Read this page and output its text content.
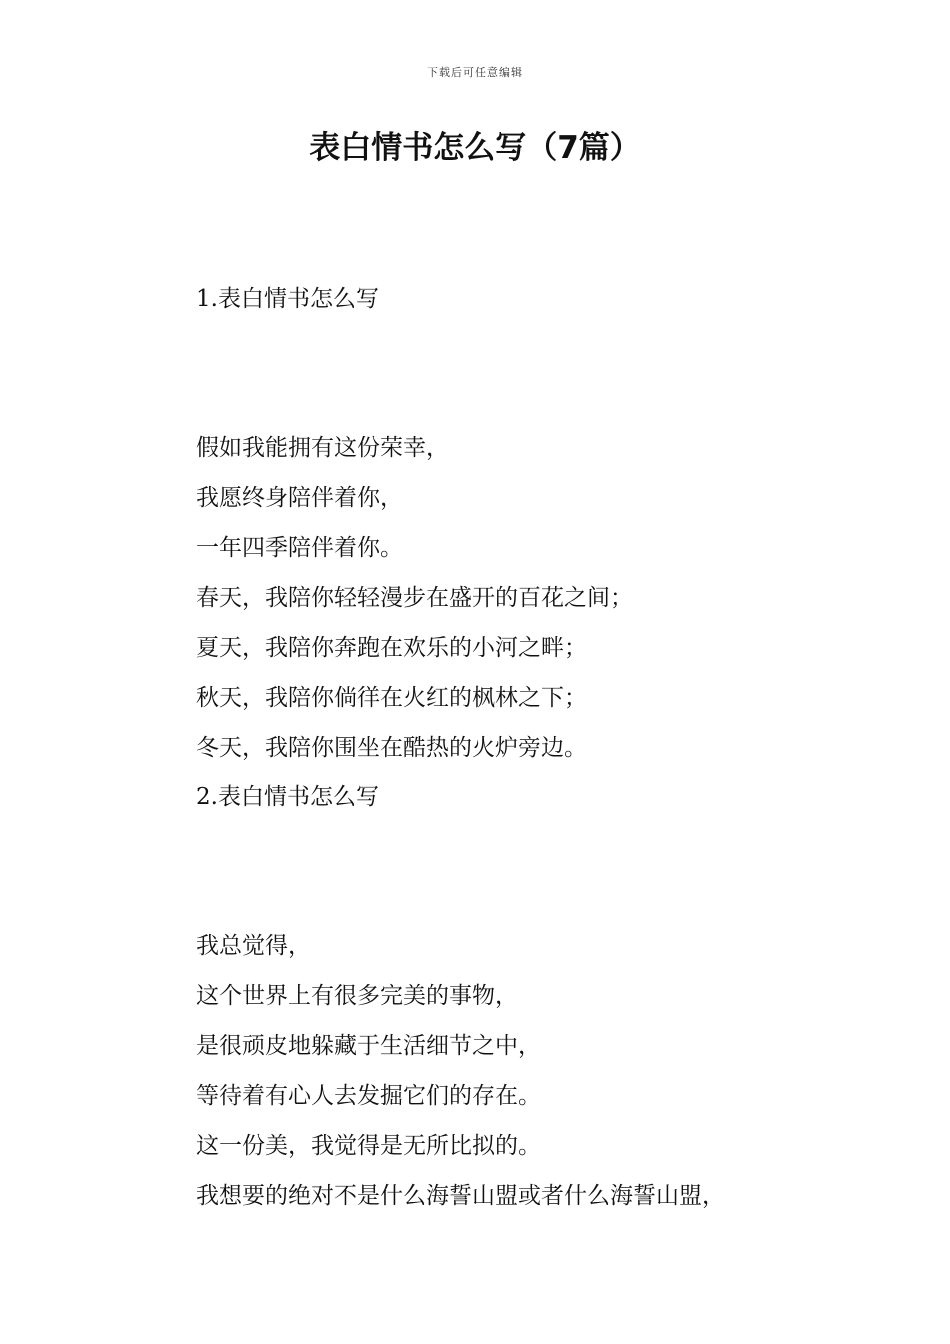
下载后可任意编辑
表白情书怎么写（7篇）
1.表白情书怎么写
假如我能拥有这份荣幸，
我愿终身陪伴着你，
一年四季陪伴着你。
春天，我陪你轻轻漫步在盛开的百花之间；
夏天，我陪你奔跑在欢乐的小河之畔；
秋天，我陪你倘徉在火红的枫林之下；
冬天，我陪你围坐在酷热的火炉旁边。
2.表白情书怎么写
我总觉得，
这个世界上有很多完美的事物，
是很顽皮地躲藏于生活细节之中，
等待着有心人去发掘它们的存在。
这一份美，我觉得是无所比拟的。
我想要的绝对不是什么海誓山盟或者什么海誓山盟，
